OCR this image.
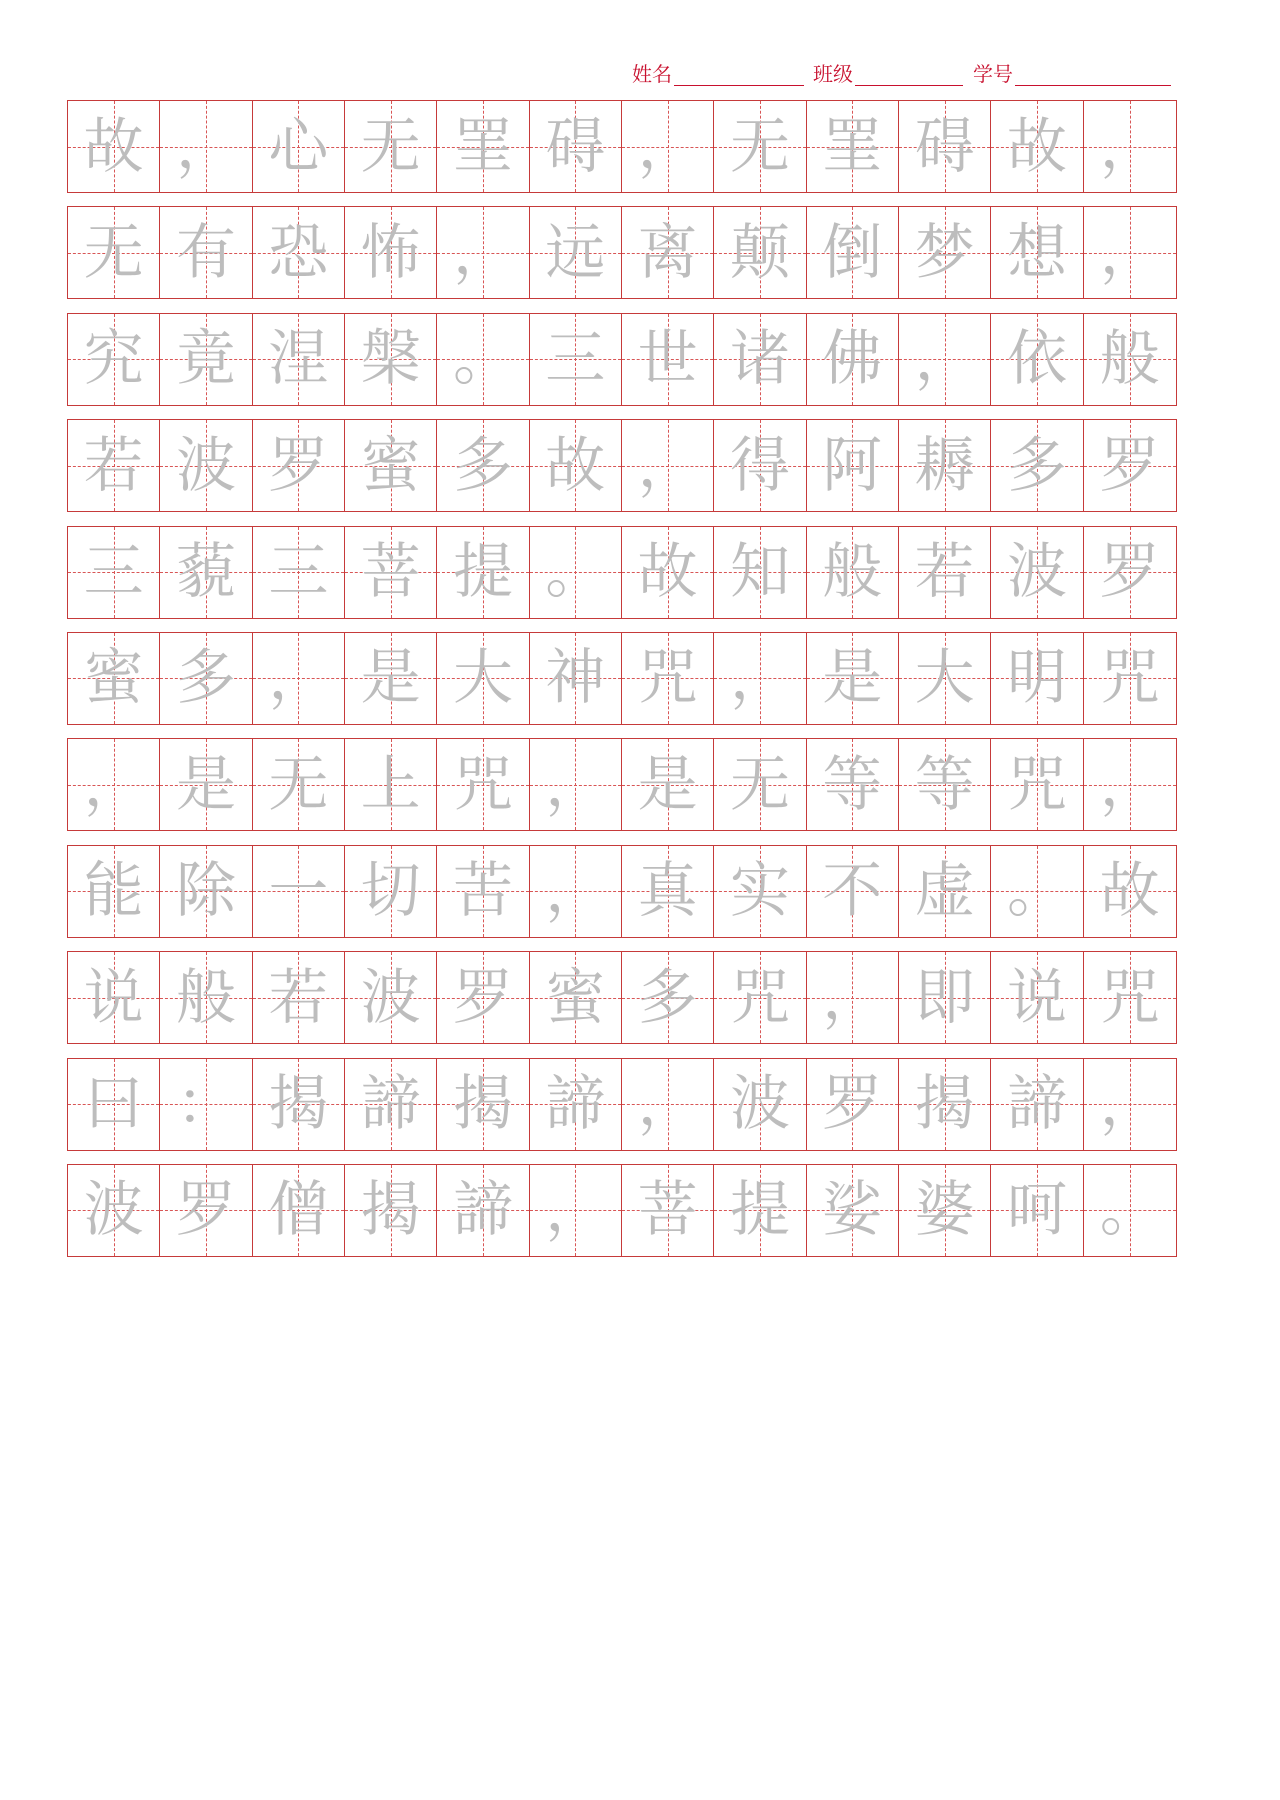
姓名	班级	学号
故 ， 心 无 罣 碍 ， 无 罣 碍 故 ，
无 有 恐 怖 ， 远 离 颠 倒 梦 想 ，
究 竟 涅 槃 。 三 世 诸 佛 ， 依 般
若 波 罗 蜜 多 故 ， 得 阿 耨 多 罗
三 藐 三 菩 提 。 故 知 般 若 波 罗
蜜 多 ， 是 大 神 咒 ， 是 大 明 咒
， 是 无 上 咒 ， 是 无 等 等 咒 ，
能 除 一 切 苦 ， 真 实 不 虚 。 故
说 般 若 波 罗 蜜 多 咒 ， 即 说 咒
曰 ： 揭 諦 揭 諦 ， 波 罗 揭 諦 ，
波 罗 僧 揭 諦 ， 菩 提 娑 婆 呵 。
